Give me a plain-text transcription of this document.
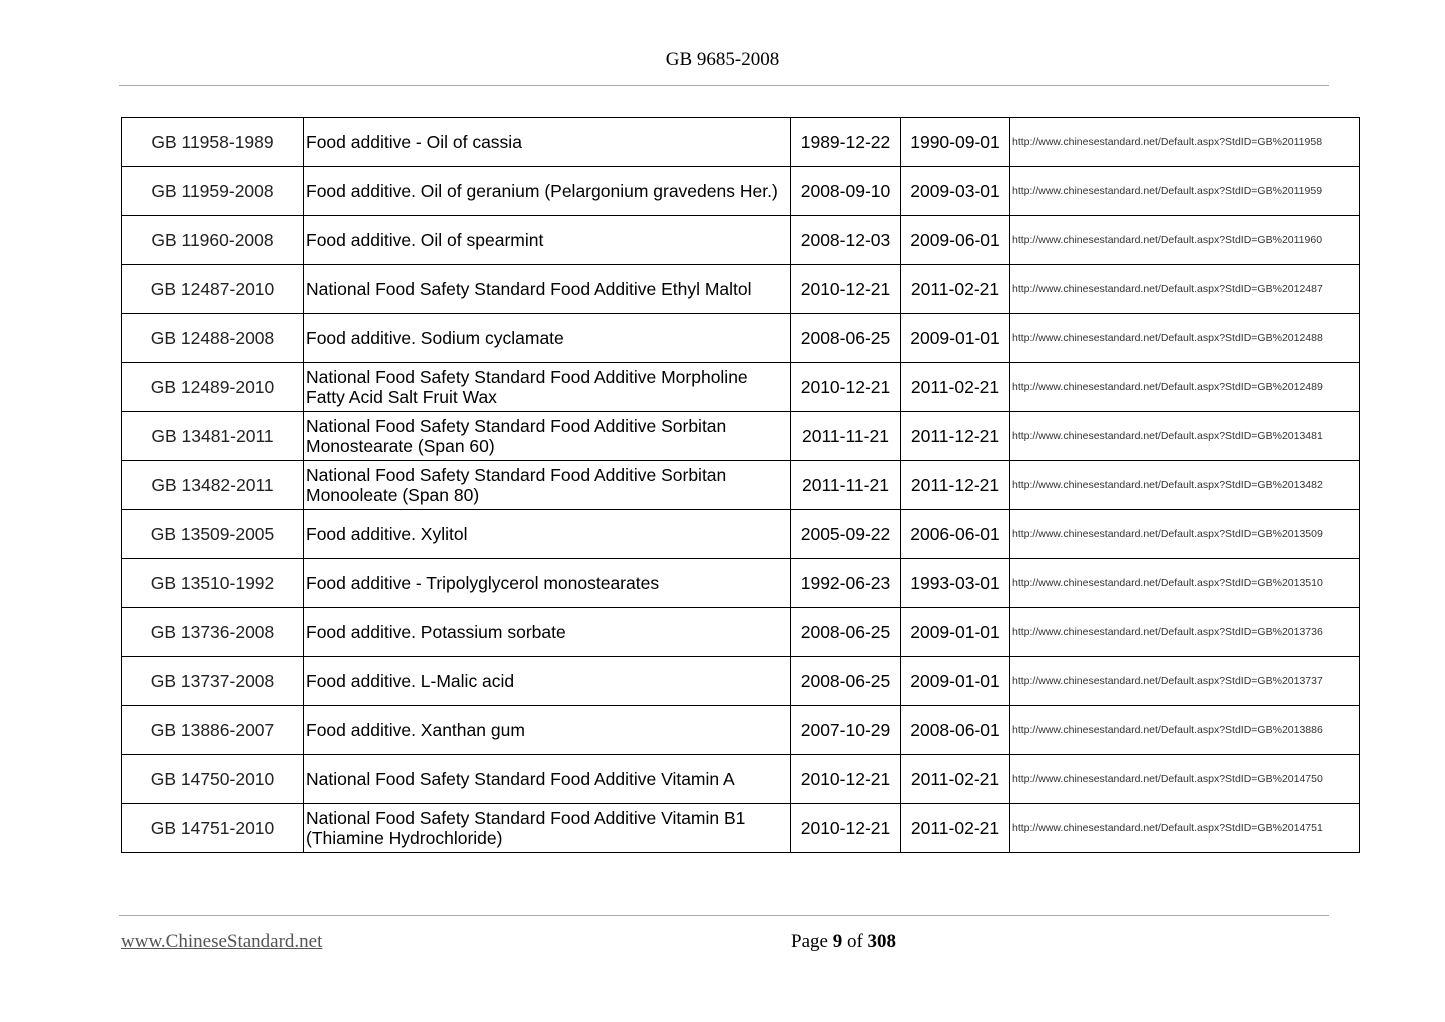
GB 9685-2008
GB 11958-1989	Food additive - Oil of cassia	1989-12-22	1990-09-01	http://www.chinesestandard.net/Default.aspx?StdID=GB%2011958
GB 11959-2008	Food additive. Oil of geranium (Pelargonium gravedens Her.)	2008-09-10	2009-03-01	http://www.chinesestandard.net/Default.aspx?StdID=GB%2011959
GB 11960-2008	Food additive. Oil of spearmint	2008-12-03	2009-06-01	http://www.chinesestandard.net/Default.aspx?StdID=GB%2011960
GB 12487-2010	National Food Safety Standard Food Additive Ethyl Maltol	2010-12-21	2011-02-21	http://www.chinesestandard.net/Default.aspx?StdID=GB%2012487
GB 12488-2008	Food additive. Sodium cyclamate	2008-06-25	2009-01-01	http://www.chinesestandard.net/Default.aspx?StdID=GB%2012488
GB 12489-2010	National Food Safety Standard Food Additive Morpholine Fatty Acid Salt Fruit Wax	2010-12-21	2011-02-21	http://www.chinesestandard.net/Default.aspx?StdID=GB%2012489
GB 13481-2011	National Food Safety Standard Food Additive Sorbitan Monostearate (Span 60)	2011-11-21	2011-12-21	http://www.chinesestandard.net/Default.aspx?StdID=GB%2013481
GB 13482-2011	National Food Safety Standard Food Additive Sorbitan Monooleate (Span 80)	2011-11-21	2011-12-21	http://www.chinesestandard.net/Default.aspx?StdID=GB%2013482
GB 13509-2005	Food additive. Xylitol	2005-09-22	2006-06-01	http://www.chinesestandard.net/Default.aspx?StdID=GB%2013509
GB 13510-1992	Food additive - Tripolyglycerol monostearates	1992-06-23	1993-03-01	http://www.chinesestandard.net/Default.aspx?StdID=GB%2013510
GB 13736-2008	Food additive. Potassium sorbate	2008-06-25	2009-01-01	http://www.chinesestandard.net/Default.aspx?StdID=GB%2013736
GB 13737-2008	Food additive. L-Malic acid	2008-06-25	2009-01-01	http://www.chinesestandard.net/Default.aspx?StdID=GB%2013737
GB 13886-2007	Food additive. Xanthan gum	2007-10-29	2008-06-01	http://www.chinesestandard.net/Default.aspx?StdID=GB%2013886
GB 14750-2010	National Food Safety Standard Food Additive Vitamin A	2010-12-21	2011-02-21	http://www.chinesestandard.net/Default.aspx?StdID=GB%2014750
GB 14751-2010	National Food Safety Standard Food Additive Vitamin B1 (Thiamine Hydrochloride)	2010-12-21	2011-02-21	http://www.chinesestandard.net/Default.aspx?StdID=GB%2014751
www.ChineseStandard.net	Page 9 of 308
